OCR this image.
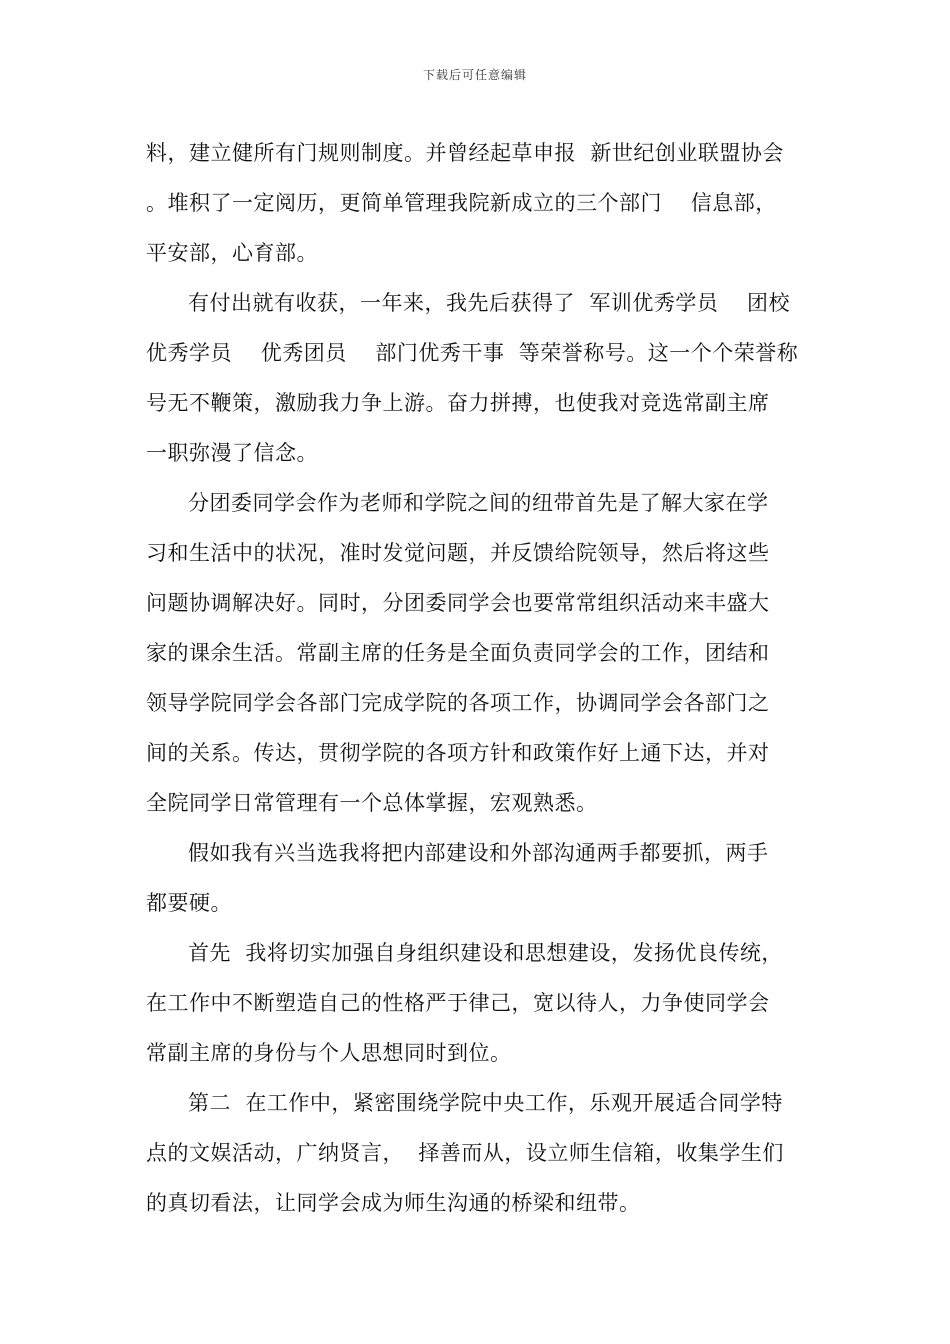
下载后可任意编辑
料，建立健所有门规则制度。并曾经起草申报  新世纪创业联盟协会
。堆积了一定阅历，更简单管理我院新成立的三个部门    信息部，
平安部，心育部。
有付出就有收获，一年来，我先后获得了  军训优秀学员    团校
优秀学员    优秀团员    部门优秀干事  等荣誉称号。这一个个荣誉称
号无不鞭策，激励我力争上游。奋力拼搏，也使我对竞选常副主席
一职弥漫了信念。
分团委同学会作为老师和学院之间的纽带首先是了解大家在学
习和生活中的状况，准时发觉问题，并反馈给院领导，然后将这些
问题协调解决好。同时，分团委同学会也要常常组织活动来丰盛大
家的课余生活。常副主席的任务是全面负责同学会的工作，团结和
领导学院同学会各部门完成学院的各项工作，协调同学会各部门之
间的关系。传达，贯彻学院的各项方针和政策作好上通下达，并对
全院同学日常管理有一个总体掌握，宏观熟悉。
假如我有兴当选我将把内部建设和外部沟通两手都要抓，两手
都要硬。
首先  我将切实加强自身组织建设和思想建设，发扬优良传统，
在工作中不断塑造自己的性格严于律己，宽以待人，力争使同学会
常副主席的身份与个人思想同时到位。
第二  在工作中，紧密围绕学院中央工作，乐观开展适合同学特
点的文娱活动，广纳贤言，  择善而从，设立师生信箱，收集学生们
的真切看法，让同学会成为师生沟通的桥梁和纽带。
